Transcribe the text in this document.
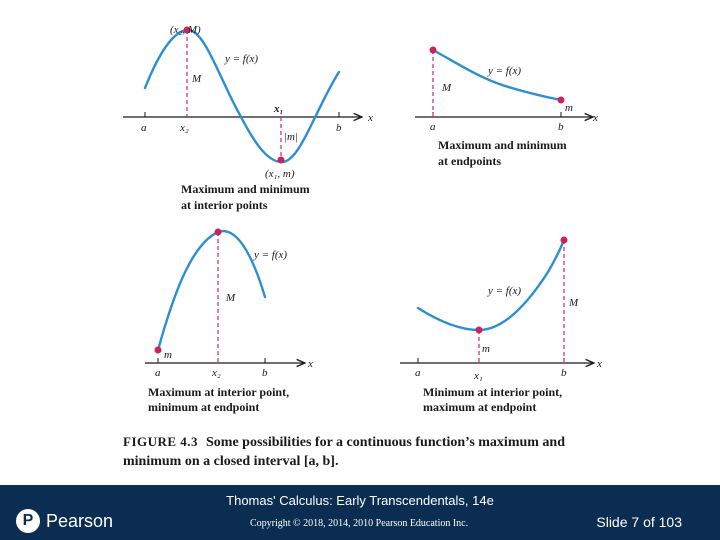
(x₂, M)
M
y = f(x)
a	x₂
x₁
|m|
b
x
(x₁, m)
Maximum and minimum
at interior points
y = f(x)
M
m
a	b
x
Maximum and minimum
at endpoints
y = f(x)
M
m
a	x₂	b
x
Maximum at interior point,
minimum at endpoint
y = f(x)
M
m
a	x₁	b
x
Minimum at interior point,
maximum at endpoint
FIGURE 4.3 Some possibilities for a continuous function’s maximum and
minimum on a closed interval [a, b].
P Pearson
Thomas' Calculus: Early Transcendentals, 14e
Copyright © 2018, 2014, 2010 Pearson Education Inc.	Slide 7 of 103
